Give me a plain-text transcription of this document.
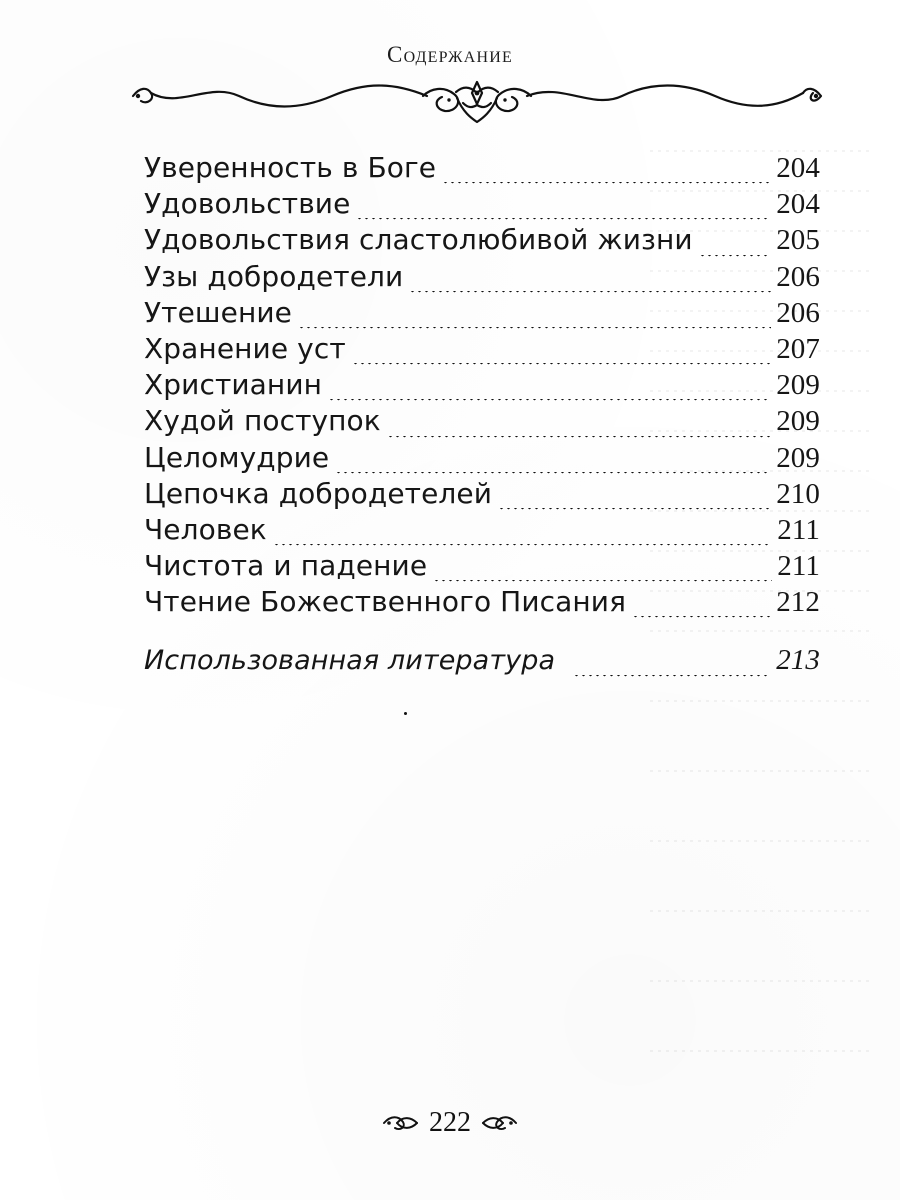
Содержание
Уверенность в Боге	204
Удовольствие	204
Удовольствия сластолюбивой жизни	205
Узы добродетели	206
Утешение	206
Хранение уст	207
Христианин	209
Худой поступок	209
Целомудрие	209
Цепочка добродетелей	210
Человек	211
Чистота и падение	211
Чтение Божественного Писания	212
Использованная литература	213
222
